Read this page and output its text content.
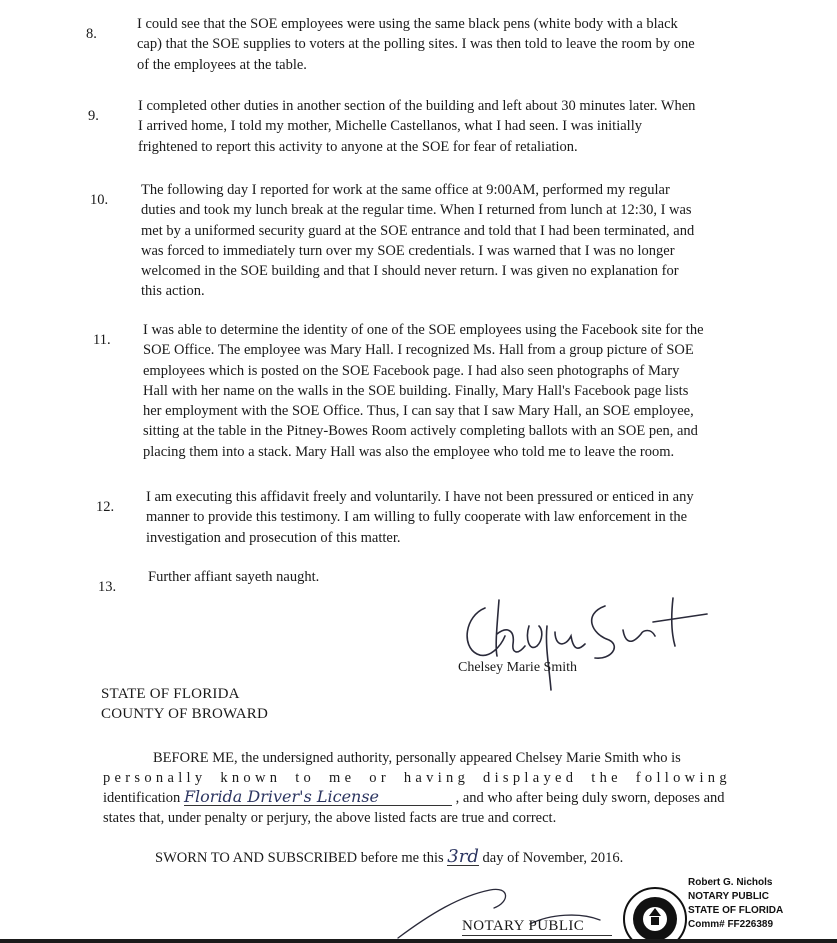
8.
I could see that the SOE employees were using the same black pens (white body with a black
cap) that the SOE supplies to voters at the polling sites. I was then told to leave the room by one
of the employees at the table.
9.
I completed other duties in another section of the building and left about 30 minutes later. When
I arrived home, I told my mother, Michelle Castellanos, what I had seen. I was initially
frightened to report this activity to anyone at the SOE for fear of retaliation.
10.
The following day I reported for work at the same office at 9:00AM, performed my regular
duties and took my lunch break at the regular time. When I returned from lunch at 12:30, I was
met by a uniformed security guard at the SOE entrance and told that I had been terminated, and
was forced to immediately turn over my SOE credentials. I was warned that I was no longer
welcomed in the SOE building and that I should never return. I was given no explanation for
this action.
11.
I was able to determine the identity of one of the SOE employees using the Facebook site for the
SOE Office. The employee was Mary Hall. I recognized Ms. Hall from a group picture of SOE
employees which is posted on the SOE Facebook page. I had also seen photographs of Mary
Hall with her name on the walls in the SOE building. Finally, Mary Hall's Facebook page lists
her employment with the SOE Office. Thus, I can say that I saw Mary Hall, an SOE employee,
sitting at the table in the Pitney-Bowes Room actively completing ballots with an SOE pen, and
placing them into a stack. Mary Hall was also the employee who told me to leave the room.
12.
I am executing this affidavit freely and voluntarily. I have not been pressured or enticed in any
manner to provide this testimony. I am willing to fully cooperate with law enforcement in the
investigation and prosecution of this matter.
13.
Further affiant sayeth naught.
Chelsey Marie Smith
STATE OF FLORIDA
COUNTY OF BROWARD
BEFORE ME, the undersigned authority, personally appeared Chelsey Marie Smith who is
personally known to me or having displayed the following
identification Florida Driver's License	, and who after being duly sworn, deposes and
states that, under penalty or perjury, the above listed facts are true and correct.
SWORN TO AND SUBSCRIBED before me this 3rd day of November, 2016.
NOTARY PUBLIC
Robert G. Nichols
NOTARY PUBLIC
STATE OF FLORIDA
Comm# FF226389
